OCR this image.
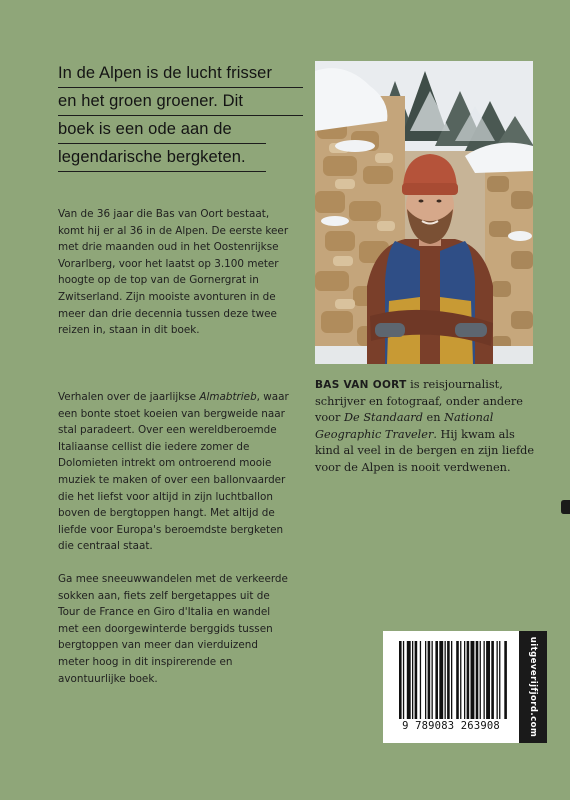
In de Alpen is de lucht frisser
en het groen groener. Dit
boek is een ode aan de
legendarische bergketen.
Van de 36 jaar die Bas van Oort bestaat,
komt hij er al 36 in de Alpen. De eerste keer
met drie maanden oud in het Oostenrijkse
Vorarlberg, voor het laatst op 3.100 meter
hoogte op de top van de Gornergrat in
Zwitserland. Zijn mooiste avonturen in de
meer dan drie decennia tussen deze twee
reizen in, staan in dit boek.
Verhalen over de jaarlijkse Almabtrieb, waar
een bonte stoet koeien van bergweide naar
stal paradeert. Over een wereldberoemde
Italiaanse cellist die iedere zomer de
Dolomieten intrekt om ontroerend mooie
muziek te maken of over een ballonvaarder
die het liefst voor altijd in zijn luchtballon
boven de bergtoppen hangt. Met altijd de
liefde voor Europa's beroemdste bergketen
die centraal staat.
Ga mee sneeuwwandelen met de verkeerde
sokken aan, fiets zelf bergetappes uit de
Tour de France en Giro d'Italia en wandel
met een doorgewinterde berggids tussen
bergtoppen van meer dan vierduizend
meter hoog in dit inspirerende en
avontuurlijke boek.
BAS VAN OORT is reisjournalist,
schrijver en fotograaf, onder andere
voor De Standaard en National
Geographic Traveler. Hij kwam als
kind al veel in de bergen en zijn liefde
voor de Alpen is nooit verdwenen.
9 789083 263908	uitgeverijfjord.com
